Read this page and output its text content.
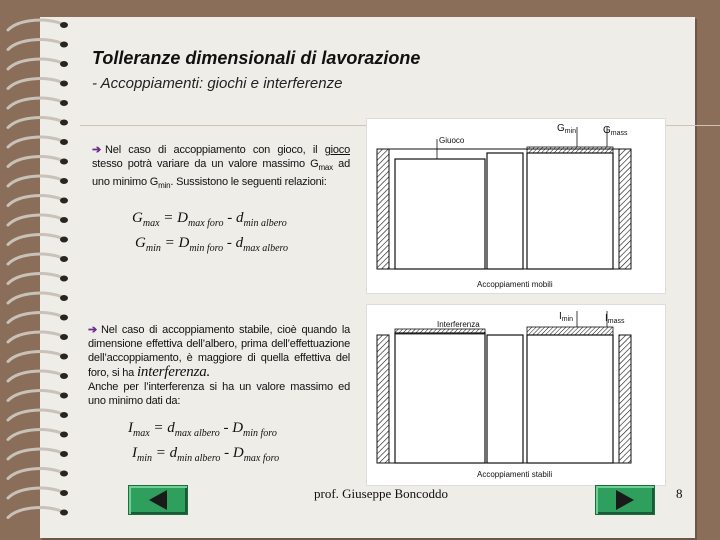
Tolleranze dimensionali di lavorazione
- Accoppiamenti: giochi e interferenze
➔ Nel caso di accoppiamento con gioco, il gioco stesso potrà variare da un valore massimo $G_{max}$ ad uno minimo $G_{min}$. Sussistono le seguenti relazioni:
$G_{max} = D_{max foro} - d_{min albero}$
$G_{min} = D_{min foro} - d_{max albero}$
➔ Nel caso di accoppiamento stabile, cioè quando la dimensione effettiva dell’albero, prima dell’effettuazione dell’accoppiamento, è maggiore di quella effettiva del foro, si ha interferenza.
Anche per l’interferenza si ha un valore massimo ed uno minimo dati da:
$I_{max} = d_{max albero} - D_{min foro}$
$I_{min} = d_{min albero} - D_{max foro}$
Giuoco
$G_{min}$	$G_{mass}$
Accoppiamenti mobili
Interferenza
$I_{min}$	$I_{mass}$
Accoppiamenti stabili
prof. Giuseppe Boncoddo	8
